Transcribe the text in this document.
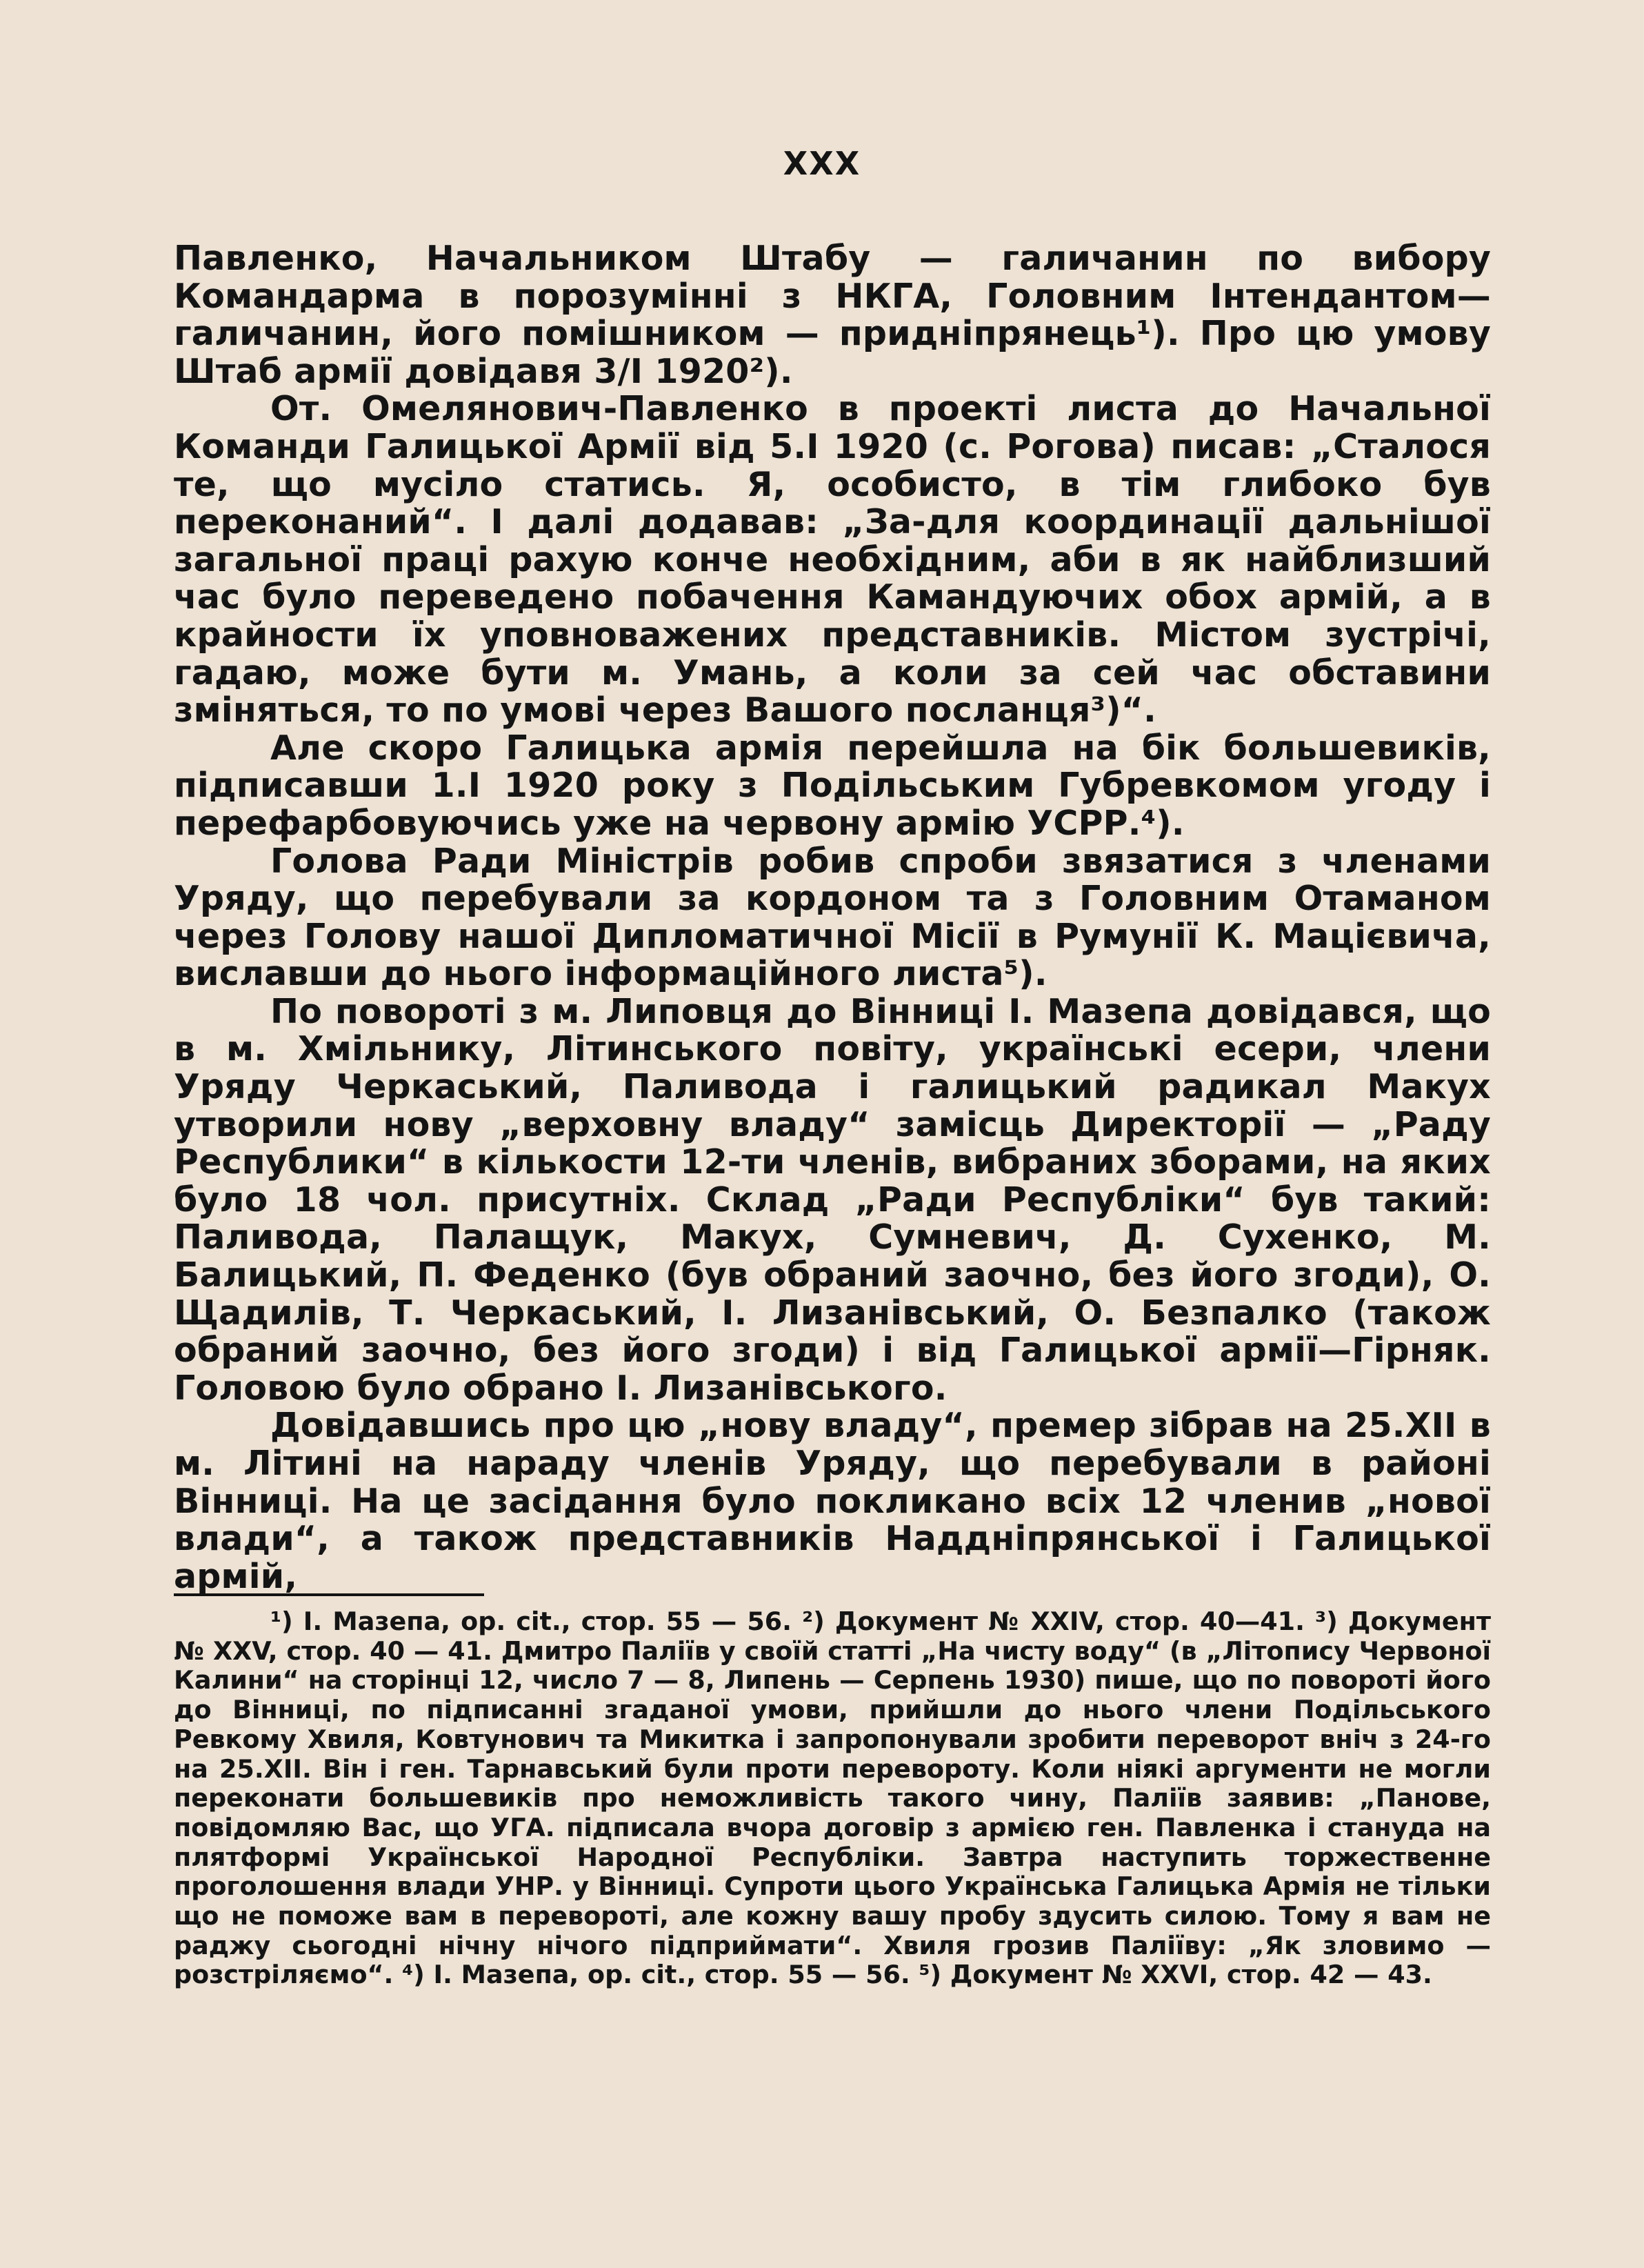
XXX

Павленко, Начальником Штабу — галичанин по вибору Командарма в порозумінні з НКГА, Головним Інтендантом—галичанин, його помішником — придніпрянець¹). Про цю умову Штаб армії довідавя 3/I 1920²).

От. Омелянович-Павленко в проекті листа до Начальної Команди Галицької Армії від 5.I 1920 (с. Рогова) писав: „Сталося те, що мусіло статись. Я, особисто, в тім глибоко був переконаний“. І далі додавав: „За-для координації дальнішої загальної праці рахую конче необхідним, аби в як найблизший час було переведено побачення Камандуючих обох армій, а в крайности їх уповноважених представників. Містом зустрічі, гадаю, може бути м. Умань, а коли за сей час обставини зміняться, то по умові через Вашого посланця³)“.

Але скоро Галицька армія перейшла на бік большевиків, підписавши 1.I 1920 року з Подільським Губревкомом угоду і перефарбовуючись уже на червону армію УСРР.⁴).

Голова Ради Міністрів робив спроби звязатися з членами Уряду, що перебували за кордоном та з Головним Отаманом через Голову нашої Дипломатичної Місії в Румунії К. Мацієвича, виславши до нього інформаційного листа⁵).

По повороті з м. Липовця до Вінниці І. Мазепа довідався, що в м. Хмільнику, Літинського повіту, українські есери, члени Уряду Черкаський, Паливода і галицький радикал Макух утворили нову „верховну владу“ замісць Директорії — „Раду Республики“ в кількости 12-ти членів, вибраних зборами, на яких було 18 чол. присутніх. Склад „Ради Республіки“ був такий: Паливода, Палащук, Макух, Сумневич, Д. Сухенко, М. Балицький, П. Феденко (був обраний заочно, без його згоди), О. Щадилів, Т. Черкаський, І. Лизанівський, О. Безпалко (також обраний заочно, без його згоди) і від Галицької армії—Гірняк. Головою було обрано І. Лизанівського.

Довідавшись про цю „нову владу“, премер зібрав на 25.XII в м. Літині на нараду членів Уряду, що перебували в районі Вінниці. На це засідання було покликано всіх 12 членив „нової влади“, а також представників Наддніпрянської і Галицької армій,

¹) І. Мазепа, op. cit., стор. 55 — 56. ²) Документ № XXIV, стор. 40—41. ³) Документ № XXV, стор. 40 — 41. Дмитро Паліїв у своїй статті „На чисту воду“ (в „Літопису Червоної Калини“ на сторінці 12, число 7 — 8, Липень — Серпень 1930) пише, що по повороті його до Вінниці, по підписанні згаданої умови, прийшли до нього члени Подільського Ревкому Хвиля, Ковтунович та Микитка і запропонували зробити переворот вніч з 24-го на 25.XII. Він і ген. Тарнавський були проти перевороту. Коли ніякі аргументи не могли переконати большевиків про неможливість такого чину, Паліїв заявив: „Панове, повідомляю Вас, що УГА. підписала вчора договір з армією ген. Павленка і стануда на плятформі Української Народної Республіки. Завтра наступить торжественне проголошення влади УНР. у Вінниці. Супроти цього Українська Галицька Армія не тільки що не поможе вам в перевороті, але кожну вашу пробу здусить силою. Тому я вам не раджу сьогодні нічну нічого підприймати“. Хвиля грозив Паліїву: „Як зловимо — розстріляємо“. ⁴) І. Мазепа, op. cit., стор. 55 — 56. ⁵) Документ № XXVI, стор. 42 — 43.
